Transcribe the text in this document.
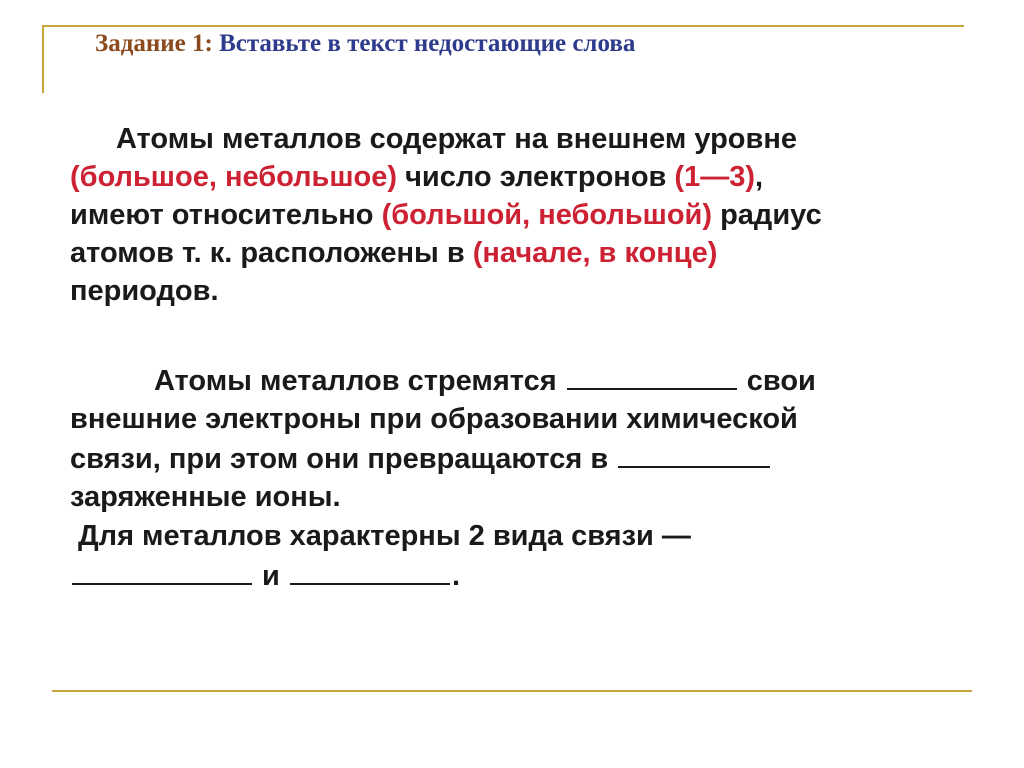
Задание 1: Вставьте в текст недостающие слова
Атомы металлов содержат на внешнем уровне
(большое, небольшое) число электронов (1—3),
имеют относительно (большой, небольшой) радиус
атомов т. к. расположены в (начале, в конце)
периодов.
Атомы металлов стремятся	свои
внешние электроны при образовании химической
связи, при этом они превращаются в
заряженные ионы.
Для металлов характерны 2 вида связи —
и	.
